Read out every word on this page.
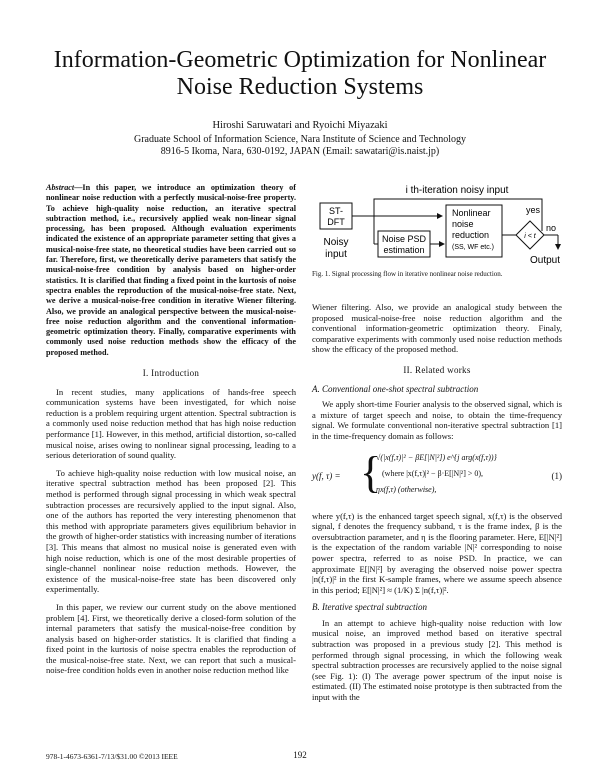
Information-Geometric Optimization for Nonlinear
Noise Reduction Systems
Hiroshi Saruwatari and Ryoichi Miyazaki
Graduate School of Information Science, Nara Institute of Science and Technology
8916-5 Ikoma, Nara, 630-0192, JAPAN (Email: sawatari@is.naist.jp)
Abstract—In this paper, we introduce an optimization theory of nonlinear noise reduction with a perfectly musical-noise-free property. To achieve high-quality noise reduction, an iterative spectral subtraction method, i.e., recursively applied weak non-linear signal processing, has been proposed. Although evaluation experiments indicated the existence of an appropriate parameter setting that gives a musical-noise-free state, no theoretical studies have been carried out so far. Therefore, first, we theoretically derive parameters that satisfy the musical-noise-free condition by analysis based on higher-order statistics. It is clarified that finding a fixed point in the kurtosis of noise spectra enables the reproduction of the musical-noise-free state. Next, we derive a musical-noise-free condition in iterative Wiener filtering. Also, we provide an analogical perspective between the musical-noise-free noise reduction algorithm and the conventional information-geometric optimization theory. Finally, comparative experiments with commonly used noise reduction methods show the efficacy of the proposed method.
I. Introduction

In recent studies, many applications of hands-free speech communication systems have been investigated, for which noise reduction is a problem requiring urgent attention. Spectral subtraction is a commonly used noise reduction method that has high noise reduction performance [1]. However, in this method, artificial distortion, so-called musical noise, arises owing to nonlinear signal processing, leading to a serious deterioration of sound quality.

To achieve high-quality noise reduction with low musical noise, an iterative spectral subtraction method has been proposed [2]. This method is performed through signal processing in which weak spectral subtraction processes are recursively applied to the input signal. Also, one of the authors has reported the very interesting phenomenon that this method with appropriate parameters gives equilibrium behavior in the growth of higher-order statistics with increasing number of iterations [3]. This means that almost no musical noise is generated even with high noise reduction, which is one of the most desirable properties of single-channel nonlinear noise reduction methods. However, the existence of the musical-noise-free state has been discovered only experimentally.

In this paper, we review our current study on the above mentioned problem [4]. First, we theoretically derive a closed-form solution of the internal parameters that satisfy the musical-noise-free condition by analysis based on higher-order statistics. It is clarified that finding a fixed point in the kurtosis of noise spectra enables the reproduction of the musical-noise-free state. Next, we can report that such a musical-noise-free condition holds even in another noise reduction method like

i th-iteration noisy input
ST-
DFT
Noisy
input
Noise PSD
estimation
Nonlinear
noise
reduction
(SS, WF etc.)
i < t
yes
no
Output
Fig. 1. Signal processing flow in iterative nonlinear noise reduction.

Wiener filtering. Also, we provide an analogical study between the proposed musical-noise-free noise reduction algorithm and the conventional information-geometric optimization theory. Finaly, comparative experiments with commonly used noise reduction methods show the efficacy of the proposed method.

II. Related works
A. Conventional one-shot spectral subtraction

We apply short-time Fourier analysis to the observed signal, which is a mixture of target speech and noise, to obtain the time-frequency signal. We formulate conventional non-iterative spectral subtraction [1] in the time-frequency domain as follows:

y(f, τ) = {
√(|x(f,τ)|² − βE[|N|²]) e^{j arg(x(f,τ))}
(where |x(f,τ)|² − β·E[|N|²] > 0),
ηx(f,τ) (otherwise),
(1)

where y(f,τ) is the enhanced target speech signal, x(f,τ) is the observed signal, f denotes the frequency subband, τ is the frame index, β is the oversubtraction parameter, and η is the flooring parameter. Here, E[|N|²] is the expectation of the random variable |N|² corresponding to noise power spectra, referred to as noise PSD. In practice, we can approximate E[|N|²] by averaging the observed noise power spectra |n(f,τ)|² in the first K-sample frames, where we assume speech absence in this period; E[|N|²] ≈ (1/K) Σ |n(f,τ)|².

B. Iterative spectral subtraction

In an attempt to achieve high-quality noise reduction with low musical noise, an improved method based on iterative spectral subtraction was proposed in a previous study [2]. This method is performed through signal processing, in which the following weak spectral subtraction processes are recursively applied to the noise signal (see Fig. 1): (I) The average power spectrum of the input noise is estimated. (II) The estimated noise prototype is then subtracted from the input with the

978-1-4673-6361-7/13/$31.00 ©2013 IEEE	192
